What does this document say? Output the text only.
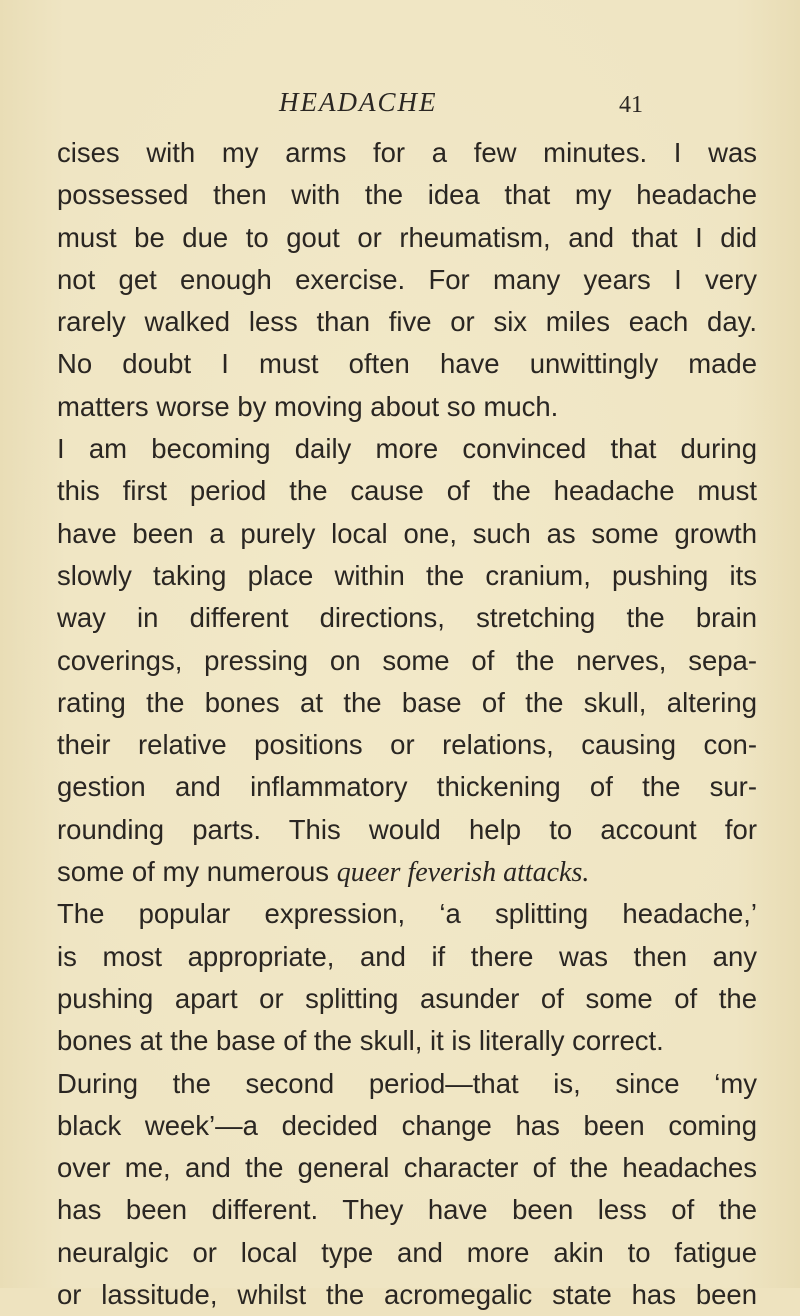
HEADACHE	41
cises with my arms for a few minutes. I was
possessed then with the idea that my headache
must be due to gout or rheumatism, and that I did
not get enough exercise. For many years I very
rarely walked less than five or six miles each day.
No doubt I must often have unwittingly made
matters worse by moving about so much.
I am becoming daily more convinced that during
this first period the cause of the headache must
have been a purely local one, such as some growth
slowly taking place within the cranium, pushing its
way in different directions, stretching the brain
coverings, pressing on some of the nerves, sepa-
rating the bones at the base of the skull, altering
their relative positions or relations, causing con-
gestion and inflammatory thickening of the sur-
rounding parts. This would help to account for
some of my numerous queer feverish attacks.
The popular expression, ‘a splitting headache,’
is most appropriate, and if there was then any
pushing apart or splitting asunder of some of the
bones at the base of the skull, it is literally correct.
During the second period—that is, since ‘my
black week’—a decided change has been coming
over me, and the general character of the headaches
has been different. They have been less of the
neuralgic or local type and more akin to fatigue
or lassitude, whilst the acromegalic state has been
